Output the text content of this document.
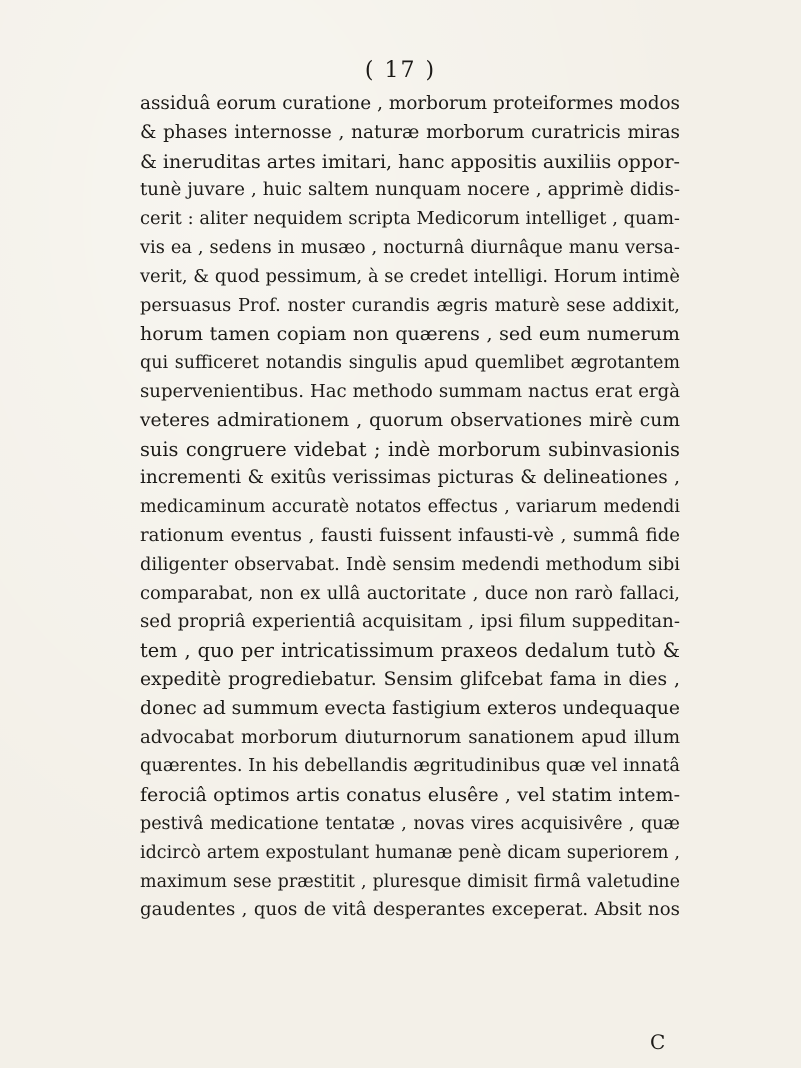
( 17 )
assiduâ eorum curatione , morborum proteiformes modos
& phases internosse , naturæ morborum curatricis miras
& ineruditas artes imitari, hanc appositis auxiliis oppor-
tunè juvare , huic saltem nunquam nocere , apprimè didis-
cerit : aliter nequidem scripta Medicorum intelliget , quam-
vis ea , sedens in musæo , nocturnâ diurnâque manu versa-
verit, & quod pessimum, à se credet intelligi. Horum intimè
persuasus Prof. noster curandis ægris maturè sese addixit,
horum tamen copiam non quærens , sed eum numerum
qui sufficeret notandis singulis apud quemlibet ægrotantem
supervenientibus. Hac methodo summam nactus erat ergà
veteres admirationem , quorum observationes mirè cum
suis congruere videbat ; indè morborum subinvasionis
incrementi & exitûs verissimas picturas & delineationes ,
medicaminum accuratè notatos effectus , variarum medendi
rationum eventus , fausti fuissent infausti-vè , summâ fide
diligenter observabat. Indè sensim medendi methodum sibi
comparabat, non ex ullâ auctoritate , duce non rarò fallaci,
sed propriâ experientiâ acquisitam , ipsi filum suppeditan-
tem , quo per intricatissimum praxeos dedalum tutò &
expeditè progrediebatur. Sensim glifcebat fama in dies ,
donec ad summum evecta fastigium exteros undequaque
advocabat morborum diuturnorum sanationem apud illum
quærentes. In his debellandis ægritudinibus quæ vel innatâ
ferociâ optimos artis conatus elusêre , vel statim intem-
pestivâ medicatione tentatæ , novas vires acquisivêre , quæ
idcircò artem expostulant humanæ penè dicam superiorem ,
maximum sese præstitit , pluresque dimisit firmâ valetudine
gaudentes , quos de vitâ desperantes exceperat. Absit nos
C
